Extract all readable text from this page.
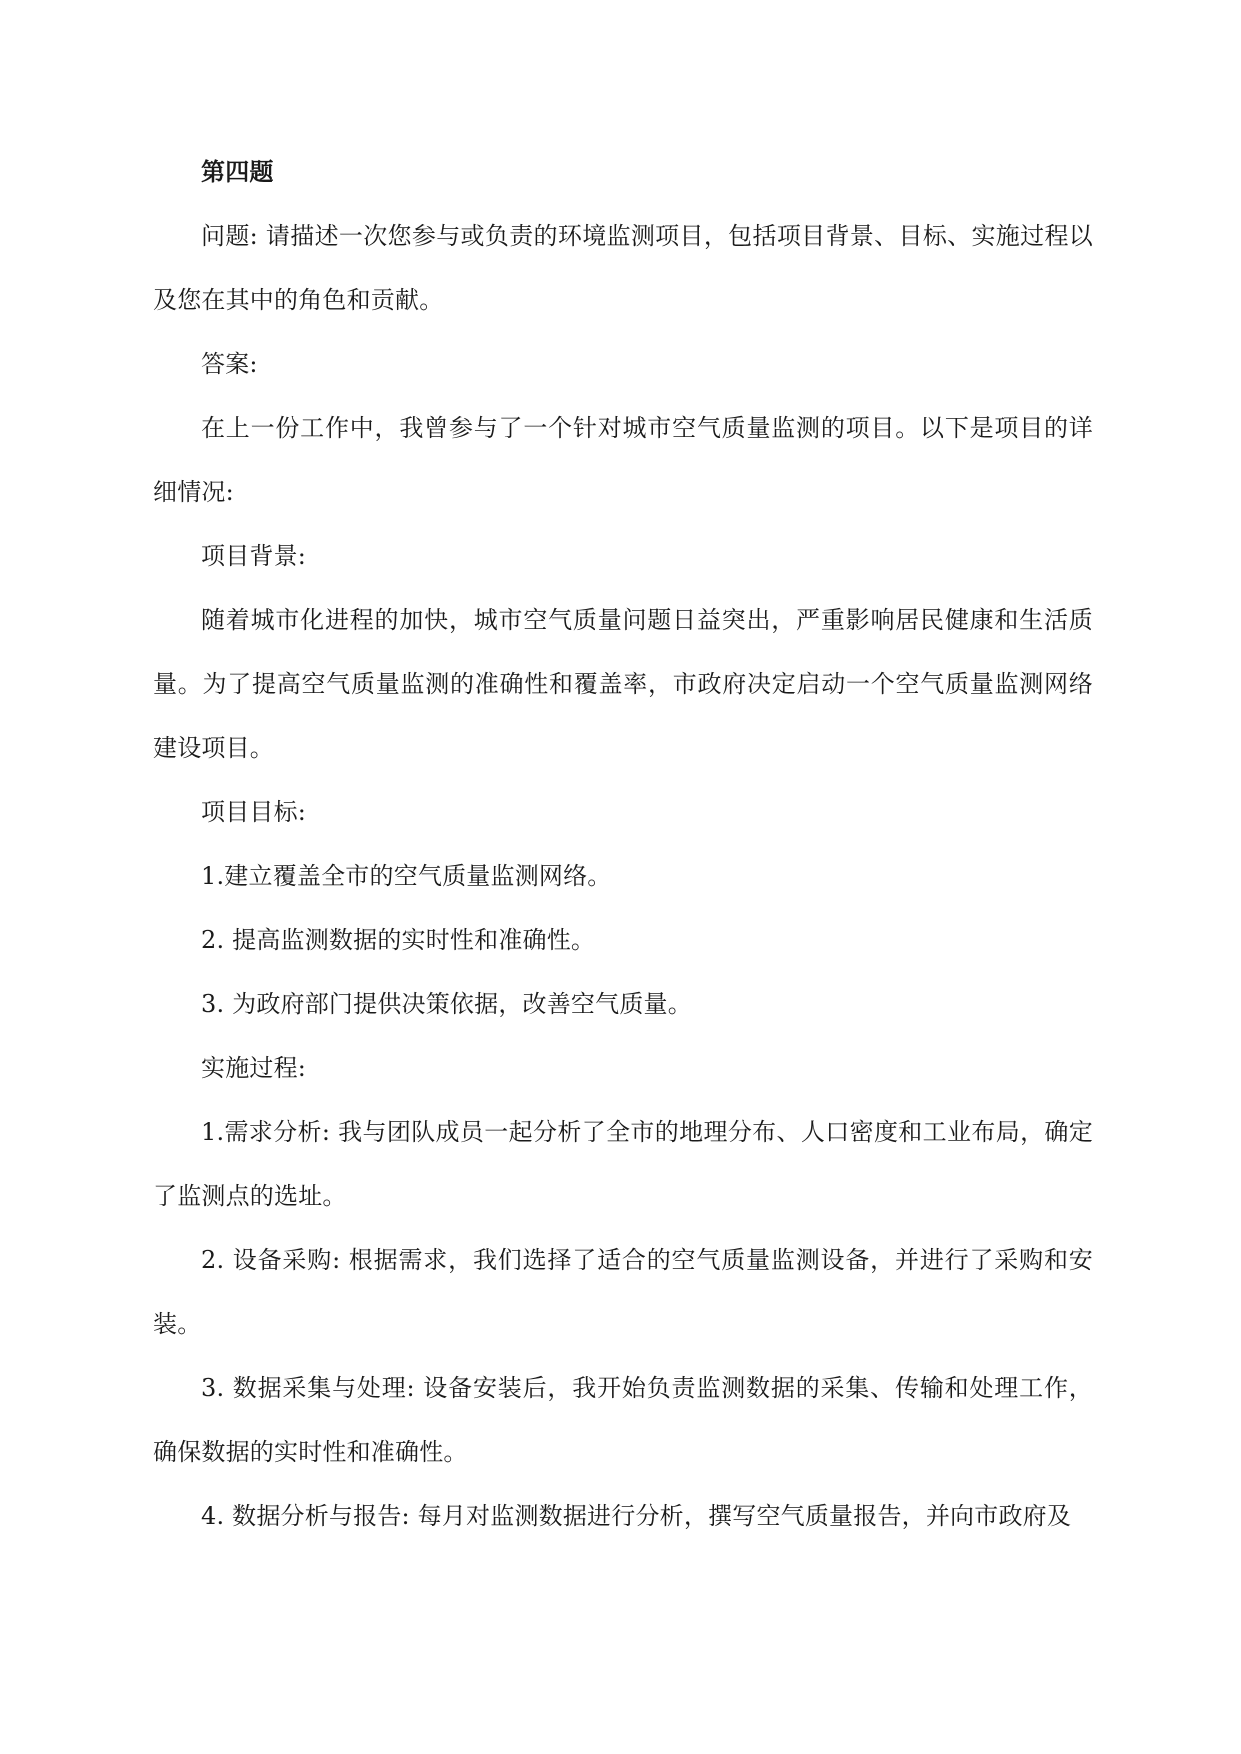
第四题

问题: 请描述一次您参与或负责的环境监测项目，包括项目背景、目标、实施过程以及您在其中的角色和贡献。

答案:

在上一份工作中，我曾参与了一个针对城市空气质量监测的项目。以下是项目的详细情况:

项目背景:

随着城市化进程的加快，城市空气质量问题日益突出，严重影响居民健康和生活质量。为了提高空气质量监测的准确性和覆盖率，市政府决定启动一个空气质量监测网络建设项目。

项目目标:

1.建立覆盖全市的空气质量监测网络。

2. 提高监测数据的实时性和准确性。

3. 为政府部门提供决策依据，改善空气质量。

实施过程:

1.需求分析: 我与团队成员一起分析了全市的地理分布、人口密度和工业布局，确定了监测点的选址。

2. 设备采购: 根据需求，我们选择了适合的空气质量监测设备，并进行了采购和安装。

3. 数据采集与处理: 设备安装后，我开始负责监测数据的采集、传输和处理工作，确保数据的实时性和准确性。

4. 数据分析与报告: 每月对监测数据进行分析，撰写空气质量报告，并向市政府及
